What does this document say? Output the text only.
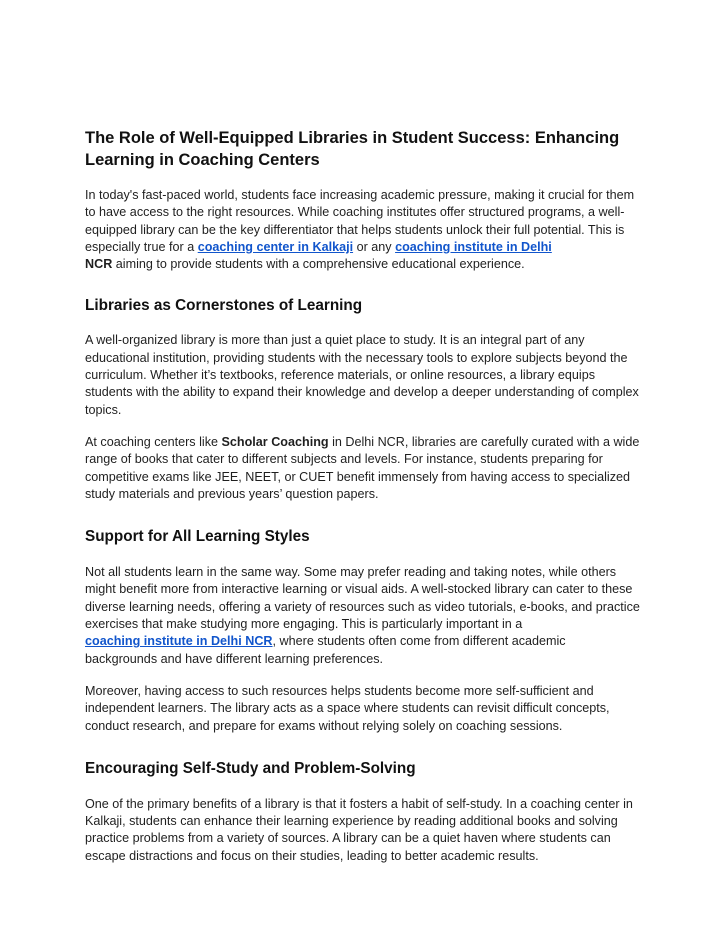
The Role of Well-Equipped Libraries in Student Success: Enhancing Learning in Coaching Centers

In today's fast-paced world, students face increasing academic pressure, making it crucial for them to have access to the right resources. While coaching institutes offer structured programs, a well-equipped library can be the key differentiator that helps students unlock their full potential. This is especially true for a coaching center in Kalkaji or any coaching institute in Delhi
NCR aiming to provide students with a comprehensive educational experience.

Libraries as Cornerstones of Learning

A well-organized library is more than just a quiet place to study. It is an integral part of any educational institution, providing students with the necessary tools to explore subjects beyond the curriculum. Whether it’s textbooks, reference materials, or online resources, a library equips students with the ability to expand their knowledge and develop a deeper understanding of complex topics.

At coaching centers like Scholar Coaching in Delhi NCR, libraries are carefully curated with a wide range of books that cater to different subjects and levels. For instance, students preparing for competitive exams like JEE, NEET, or CUET benefit immensely from having access to specialized study materials and previous years’ question papers.

Support for All Learning Styles

Not all students learn in the same way. Some may prefer reading and taking notes, while others might benefit more from interactive learning or visual aids. A well-stocked library can cater to these diverse learning needs, offering a variety of resources such as video tutorials, e-books, and practice exercises that make studying more engaging. This is particularly important in a
coaching institute in Delhi NCR, where students often come from different academic backgrounds and have different learning preferences.

Moreover, having access to such resources helps students become more self-sufficient and independent learners. The library acts as a space where students can revisit difficult concepts, conduct research, and prepare for exams without relying solely on coaching sessions.

Encouraging Self-Study and Problem-Solving

One of the primary benefits of a library is that it fosters a habit of self-study. In a coaching center in Kalkaji, students can enhance their learning experience by reading additional books and solving practice problems from a variety of sources. A library can be a quiet haven where students can escape distractions and focus on their studies, leading to better academic results.
